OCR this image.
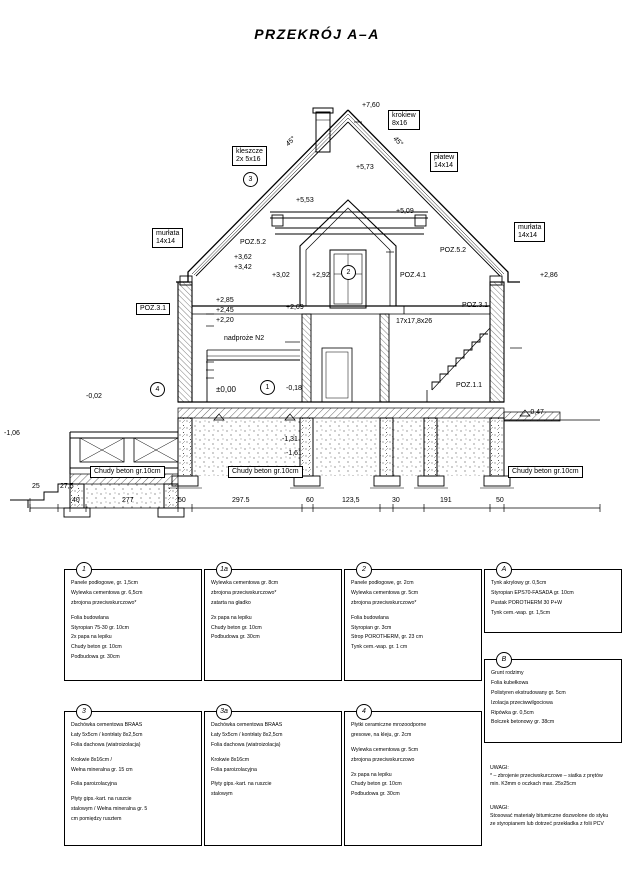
PRZEKRÓJ A–A
+7,60
krokiew
8x16
płatew
14x14
kleszcze
2x 5x16
45°	45°
+5,73
+5,53
+5,09
murłata
14x14
murłata
14x14
POZ.5.2
POZ.5.2
POZ.4.1
POZ.3.1
POZ.3.1
POZ.1.1
+3,62
+3,42
+3,02	+2,92	+2,86
+2,85
+2,45
+2,20
+2,69
nadproże N2
17x17,8x26
±0,00	-0,18
-0,02
-0,47
-1,06
-1,31
-1,61
Chudy beton gr.10cm	Chudy beton gr.10cm	Chudy beton gr.10cm
25	27,5
40	277	50	297.5	60	123,5	30	191	50
3
2
1
4
1
Panele podłogowe, gr. 1,5cm
Wylewka cementowa gr. 6,5cm
zbrojona przeciwskurczowo*
Folia budowlana
Styropian 75-30 gr. 10cm
2x papa na lepiku
Chudy beton gr. 10cm
Podbudowa gr. 30cm
3
Dachówka cementowa BRAAS
Łaty 5x5cm / kontrłaty 8x2,5cm
Folia dachowa (wiatroizolacja)
Krokwie 8x16cm /
Wełna mineralna gr. 15 cm
Folia paroizolacyjna
Płyty gips.-kart. na ruszcie
stalowym / Wełna mineralna gr. 5
cm pomiędzy rusztem
1a
Wylewka cementowa gr. 8cm
zbrojona przeciwskurczowo*
zatarta na gładko
2x papa na lepiku
Chudy beton gr. 10cm
Podbudowa gr. 30cm
3a
Dachówka cementowa BRAAS
Łaty 5x5cm / kontrłaty 8x2,5cm
Folia dachowa (wiatroizolacja)
Krokwie 8x16cm
Folia paroizolacyjna
Płyty gips.-kart. na ruszcie
stalowym
2
Panele podłogowe, gr. 2cm
Wylewka cementowa gr. 5cm
zbrojona przeciwskurczowo*
Folia budowlana
Styropian gr. 3cm
Strop POROTHERM, gr. 23 cm
Tynk cem.-wap. gr. 1 cm
4
Płytki ceramiczne mrozoodporne
gresowe, na kleju, gr. 2cm
Wylewka cementowa gr. 5cm
zbrojona przeciwskurczowo
2x papa na lepiku
Chudy beton gr. 10cm
Podbudowa gr. 30cm
A
Tynk akrylowy gr. 0,5cm
Styropian EPS70-FASADA gr. 10cm
Pustak POROTHERM 30 P+W
Tynk cem.-wap. gr. 1,5cm
B
Grunt rodzimy
Folia kubełkowa
Polistyren ekstrudowany gr. 5cm
Izolacja przeciwwilgociowa
Ripówka gr. 0,5cm
Bolczek betonowy gr. 38cm
UWAGI:
* – zbrojenie przeciwskurczowe – siatka z prętów min. K3mm o oczkach max. 25x25cm
UWAGI:
Stosować materiały bitumiczne dozwolone do styku ze styropianem lub dotrzeć przekładka z folii PCV
